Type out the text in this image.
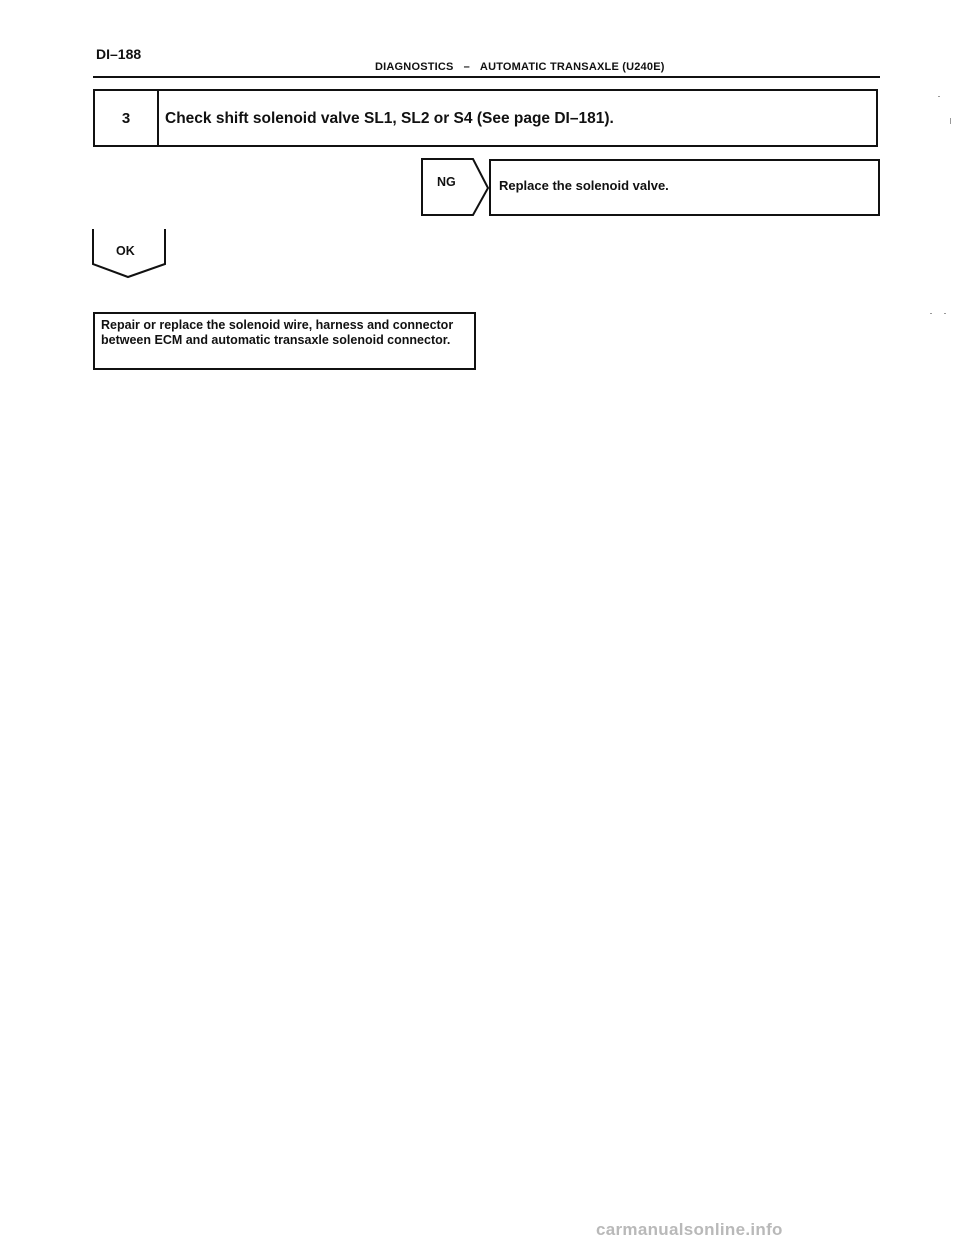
DI–188
DIAGNOSTICS – AUTOMATIC TRANSAXLE (U240E)
3	Check shift solenoid valve SL1, SL2 or S4 (See page DI–181).
NG	Replace the solenoid valve.
OK
Repair or replace the solenoid wire, harness and connector between ECM and automatic transaxle solenoid connector.
carmanualsonline.info
